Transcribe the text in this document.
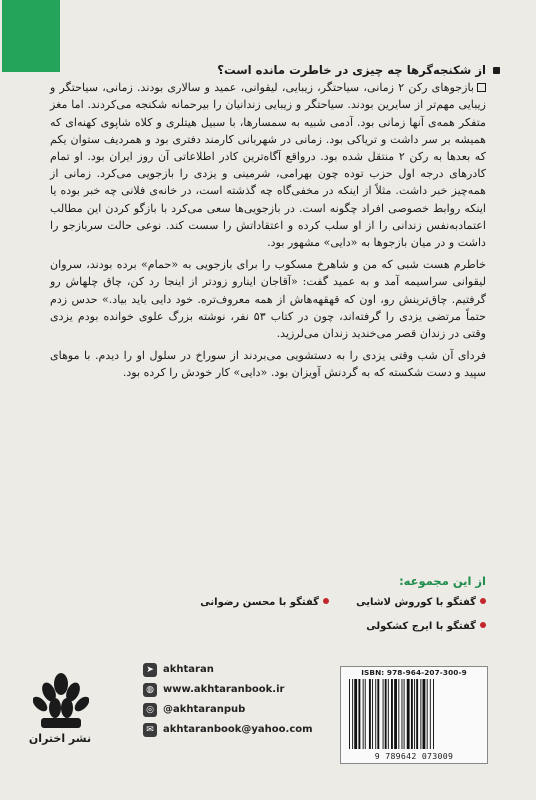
از شکنجه‌گرها چه چیزی در خاطرت مانده است؟

بازجوهای رکن ۲ زمانی، سیاحتگر، زیبایی، لیقوانی، عمید و سالاری بودند. زمانی، سیاحتگر و زیبایی مهم‌تر از سایرین بودند. سیاحتگر و زیبایی زندانیان را بیرحمانه شکنجه می‌کردند. اما مغز متفکر همه‌ی آنها زمانی بود. آدمی شبیه به سمسارها، با سبیل هیتلری و کلاه شاپوی کهنه‌ای که همیشه بر سر داشت و تریاکی بود. زمانی در شهربانی کارمند دفتری بود و همردیف ستوان یکم که بعدها به رکن ۲ منتقل شده بود. درواقع آگاه‌ترین کادر اطلاعاتی آن روز ایران بود. او تمام کادرهای درجه اول حزب توده چون بهرامی، شرمینی و یزدی را بازجویی می‌کرد. زمانی از همه‌چیز خبر داشت. مثلاً از اینکه در مخفی‌گاه چه گذشته است، در خانه‌ی فلانی چه خبر بوده یا اینکه روابط خصوصی افراد چگونه است. در بازجویی‌ها سعی می‌کرد با بازگو کردن این مطالب اعتمادبه‌نفس زندانی را از او سلب کرده و اعتقاداتش را سست کند. نوعی حالت سربازجو را داشت و در میان بازجوها به «دایی» مشهور بود.

خاطرم هست شبی که من و شاهرخ مسکوب را برای بازجویی به «حمام» برده بودند، سروان لیقوانی سراسیمه آمد و به عمید گفت: «آقاجان اینارو زودتر از اینجا رد کن، چاق چلهاش رو گرفتیم. چاق‌ترینش رو، اون که قهقهه‌هاش از همه معروف‌تره. خود دایی باید بیاد.» حدس زدم حتماً مرتضی یزدی را گرفته‌اند، چون در کتاب ۵۳ نفر، نوشته بزرگ علوی خوانده بودم یزدی وقتی در زندان قصر می‌خندید زندان می‌لرزید.

فردای آن شب وقتی یزدی را به دستشویی می‌بردند از سوراخ در سلول او را دیدم. با موهای سپید و دست شکسته که به گردنش آویزان بود. «دایی» کار خودش را کرده بود.

از این مجموعه:
گفتگو با کوروش لاشایی
گفتگو با محسن رضوانی
گفتگو با ایرج کشکولی
➤ akhtaran
◍ www.akhtaranbook.ir
◎ @akhtaranpub
✉ akhtaranbook@yahoo.com
نشر اختران
ISBN: 978-964-207-300-9
9 789642 073009
